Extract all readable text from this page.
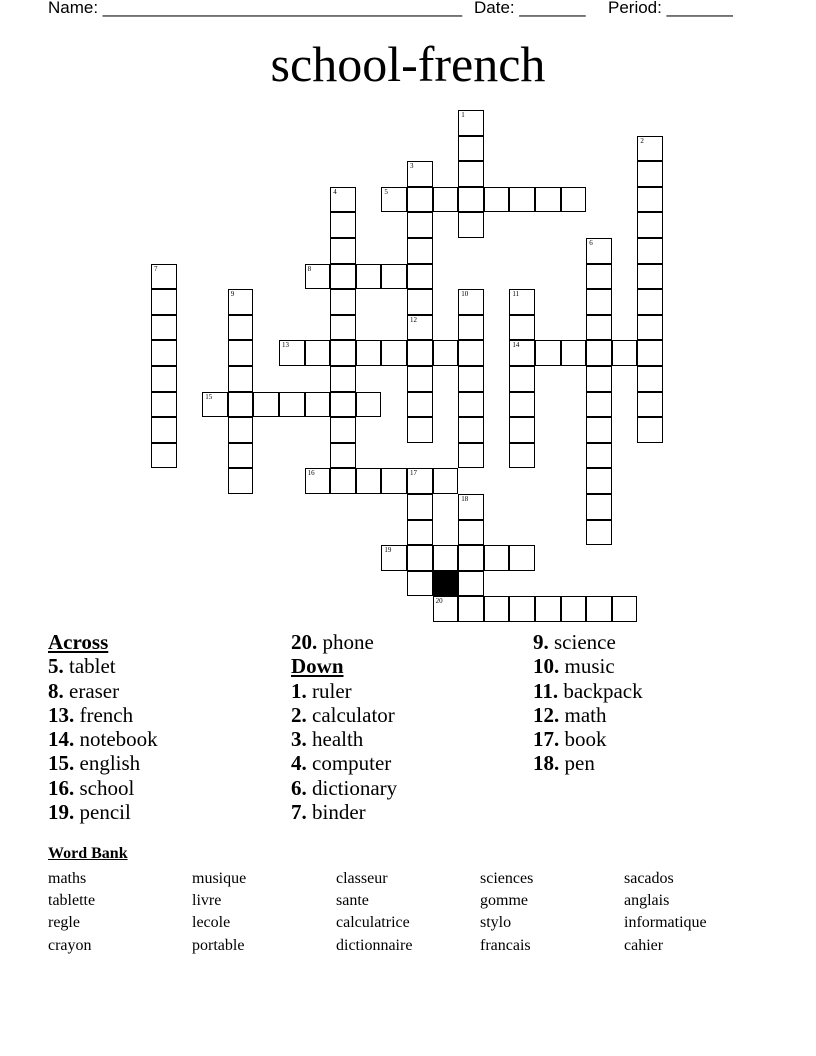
Name: ______________________________________ Date: _______ Period: _______
school-french
1
2
3
4	5
6
7	8
9	10	11
14
12
13
15
16	17
18
19
20
Across
5. tablet
8. eraser
13. french
14. notebook
15. english
16. school
19. pencil
20. phone
Down
1. ruler
2. calculator
3. health
4. computer
6. dictionary
7. binder
9. science
10. music
11. backpack
12. math
17. book
18. pen
Word Bank
maths	musique	classeur	sciences	sacados
tablette	livre	sante	gomme	anglais
regle	lecole	calculatrice	stylo	informatique
crayon	portable	dictionnaire	francais	cahier
